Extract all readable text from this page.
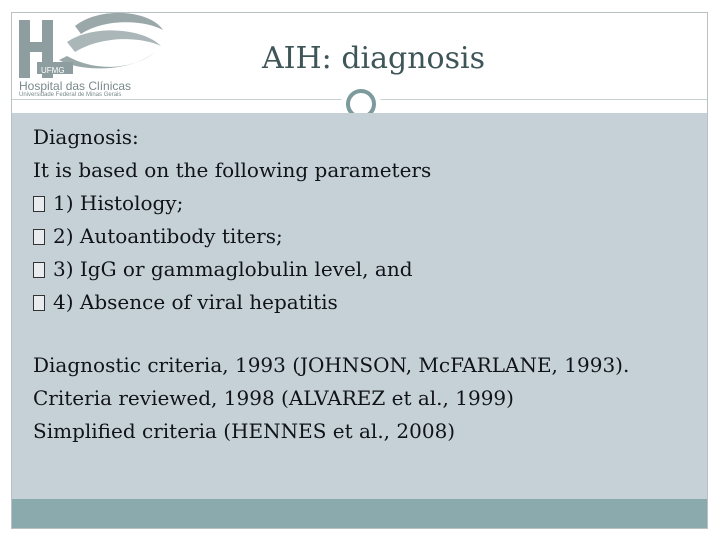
UFMG
Hospital das Clínicas
Universidade Federal de Minas Gerais
AIH: diagnosis

Diagnosis:

It is based on the following parameters

1) Histology;

2) Autoantibody titers;

3) IgG or gammaglobulin level, and

4) Absence of viral hepatitis

Diagnostic criteria, 1993 (JOHNSON, McFARLANE, 1993).

Criteria reviewed, 1998 (ALVAREZ et al., 1999)

Simplified criteria (HENNES et al., 2008)
